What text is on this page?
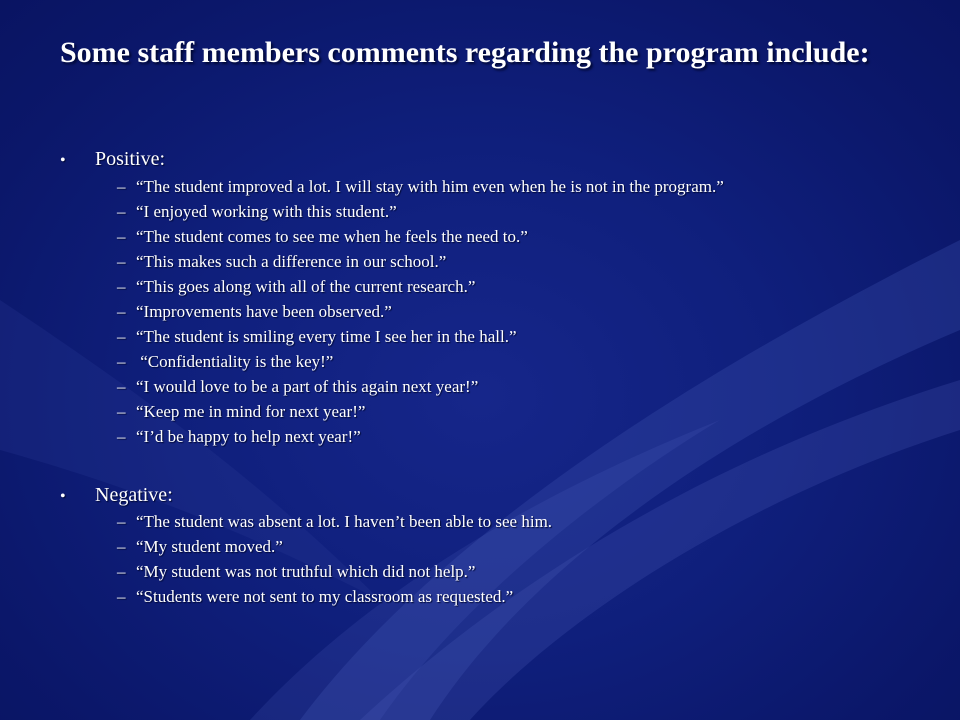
Some staff members comments regarding the program include:
• Positive:
– “The student improved a lot. I will stay with him even when he is not in the program.”
– “I enjoyed working with this student.”
– “The student comes to see me when he feels the need to.”
– “This makes such a difference in our school.”
– “This goes along with all of the current research.”
– “Improvements have been observed.”
– “The student is smiling every time I see her in the hall.”
– “Confidentiality is the key!”
– “I would love to be a part of this again next year!”
– “Keep me in mind for next year!”
– “I’d be happy to help next year!”
• Negative:
– “The student was absent a lot. I haven’t been able to see him.
– “My student moved.”
– “My student was not truthful which did not help.”
– “Students were not sent to my classroom as requested.”
